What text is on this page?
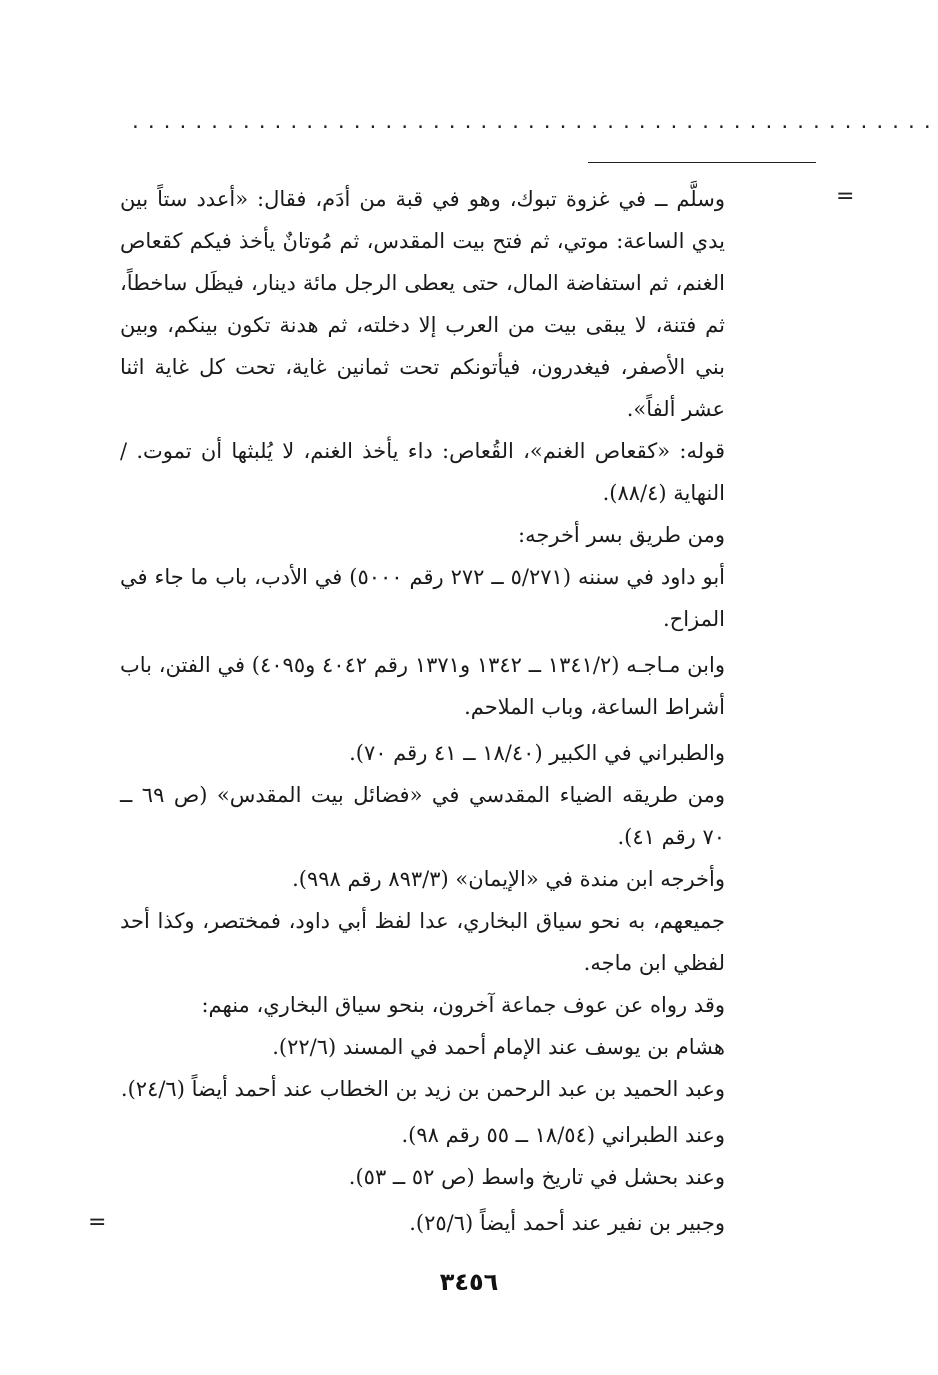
...................................................
=
=

وسلَّم ــ في غزوة تبوك، وهو في قبة من أدَم، فقال: «أعدد ستاً بين يدي الساعة: موتي، ثم فتح بيت المقدس، ثم مُوتانٌ يأخذ فيكم كقعاص الغنم، ثم استفاضة المال، حتى يعطى الرجل مائة دينار، فيظَل ساخطاً، ثم فتنة، لا يبقى بيت من العرب إلا دخلته، ثم هدنة تكون بينكم، وبين بني الأصفر، فيغدرون، فيأتونكم تحت ثمانين غاية، تحت كل غاية اثنا عشر ألفاً».

قوله: «كقعاص الغنم»، القُعاص: داء يأخذ الغنم، لا يُلبثها أن تموت. / النهاية (٨٨/٤).

ومن طريق بسر أخرجه:

أبو داود في سننه (٥/٢٧١ ــ ٢٧٢ رقم ٥٠٠٠) في الأدب، باب ما جاء في المزاح.

وابن مـاجـه (١٣٤١/٢ ــ ١٣٤٢ و١٣٧١ رقم ٤٠٤٢ و٤٠٩٥) في الفتن، باب أشراط الساعة، وباب الملاحم.

والطبراني في الكبير (١٨/٤٠ ــ ٤١ رقم ٧٠).

ومن طريقه الضياء المقدسي في «فضائل بيت المقدس» (ص ٦٩ ــ ٧٠ رقم ٤١).

وأخرجه ابن مندة في «الإيمان» (٨٩٣/٣ رقم ٩٩٨).

جميعهم، به نحو سياق البخاري، عدا لفظ أبي داود، فمختصر، وكذا أحد لفظي ابن ماجه.

وقد رواه عن عوف جماعة آخرون، بنحو سياق البخاري، منهم:

هشام بن يوسف عند الإمام أحمد في المسند (٢٢/٦).

وعبد الحميد بن عبد الرحمن بن زيد بن الخطاب عند أحمد أيضاً (٢٤/٦).

وعند الطبراني (١٨/٥٤ ــ ٥٥ رقم ٩٨).

وعند بحشل في تاريخ واسط (ص ٥٢ ــ ٥٣).

وجبير بن نفير عند أحمد أيضاً (٢٥/٦).

٣٤٥٦
